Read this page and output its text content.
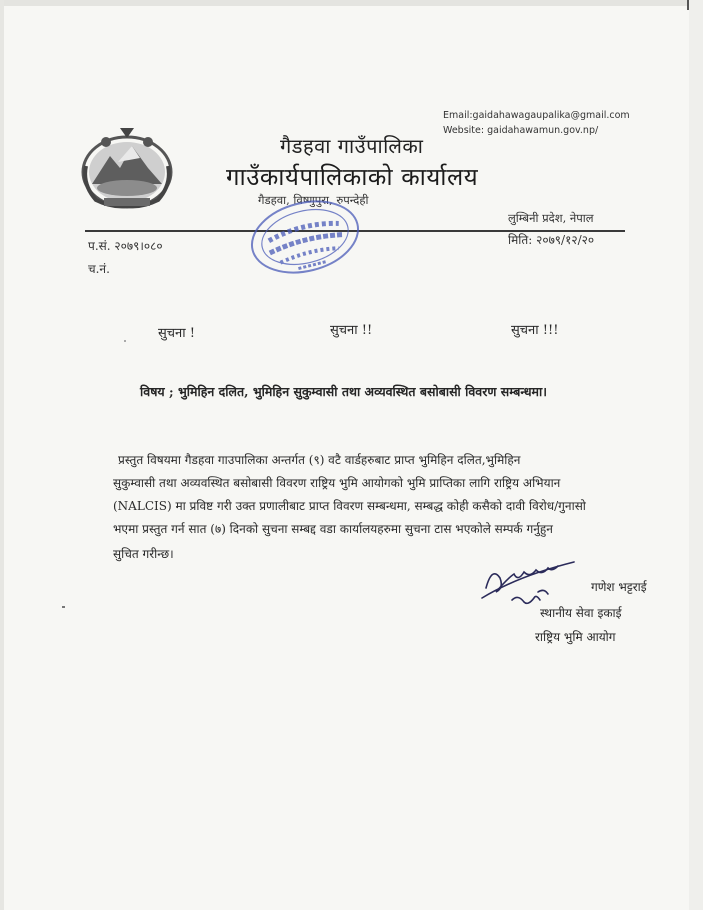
Email:gaidahawagaupalika@gmail.com
Website: gaidahawamun.gov.np/
गैडहवा गाउँपालिका
गाउँकार्यपालिकाको कार्यालय
गैडहवा, विष्णुपुरा, रुपन्देही
लुम्बिनी प्रदेश, नेपाल
प.सं. २०७९।०८०
च.नं.
मिति: २०७९/१२/२०
सुचना !	सुचना !!	सुचना !!!
विषय ; भुमिहिन दलित, भुमिहिन सुकुम्वासी तथा अव्यवस्थित बसोबासी विवरण सम्बन्धमा।
प्रस्तुत विषयमा गैडहवा गाउपालिका अन्तर्गत (९) वटै वार्डहरुबाट प्राप्त भुमिहिन दलित,भुमिहिन
सुकुम्वासी तथा अव्यवस्थित बसोबासी विवरण राष्ट्रिय भुमि आयोगको भुमि प्राप्तिका लागि राष्ट्रिय अभियान
(NALCIS) मा प्रविष्ट गरी उक्त प्रणालीबाट प्राप्त विवरण सम्बन्धमा, सम्बद्ध कोही कसैको दावी विरोध/गुनासो
भएमा प्रस्तुत गर्न सात (७) दिनको सुचना सम्बद्द वडा कार्यालयहरुमा सुचना टास भएकोले सम्पर्क गर्नुहुन
सुचित गरीन्छ।
गणेश भट्टराई
स्थानीय सेवा इकाई
राष्ट्रिय भुमि आयोग
